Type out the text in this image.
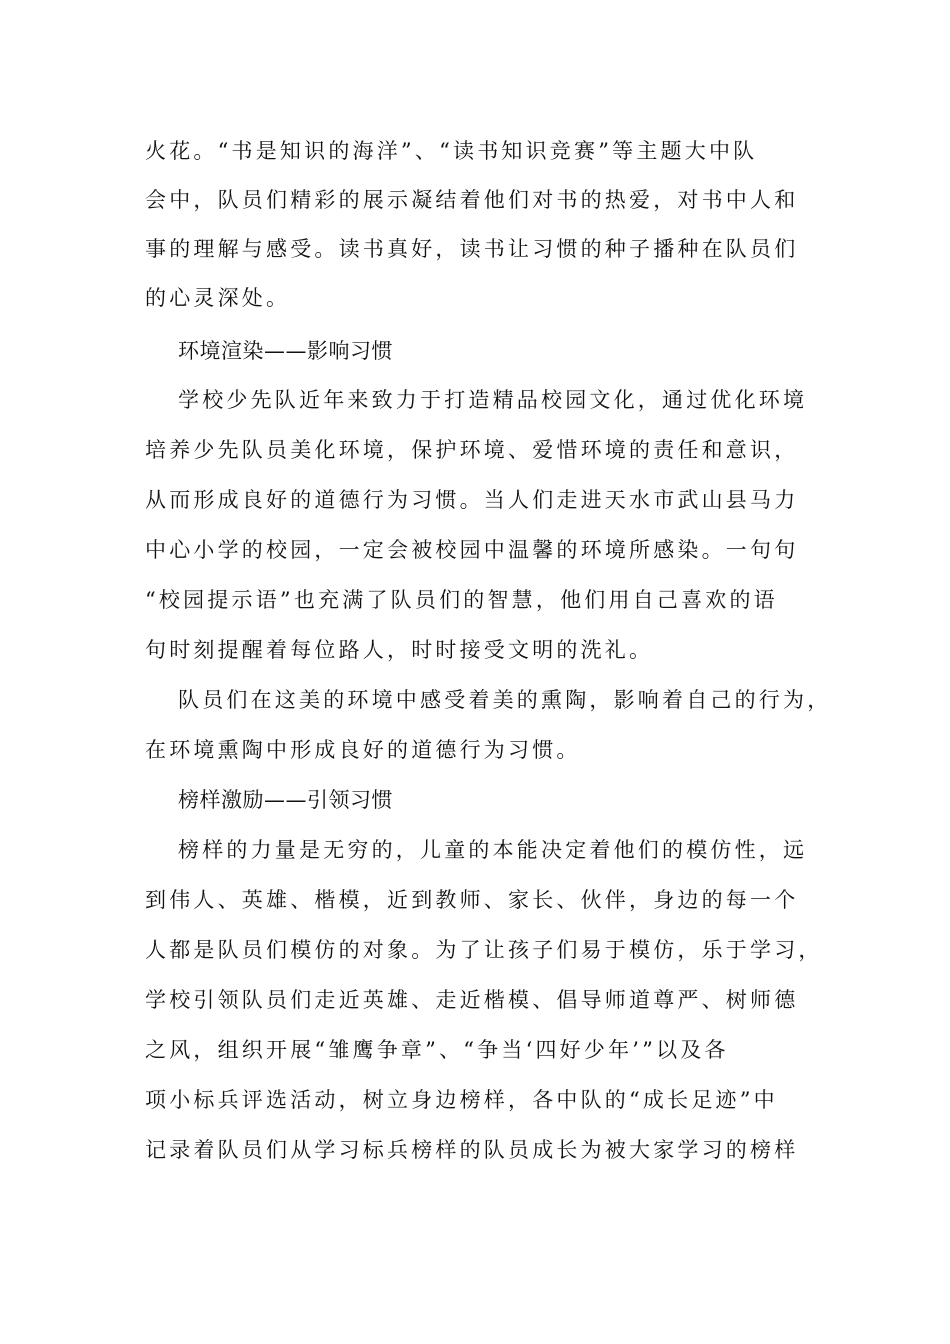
火花。“书是知识的海洋”、“读书知识竞赛”等主题大中队
会中，队员们精彩的展示凝结着他们对书的热爱，对书中人和
事的理解与感受。读书真好，读书让习惯的种子播种在队员们
的心灵深处。
环境渲染——影响习惯
学校少先队近年来致力于打造精品校园文化，通过优化环境
培养少先队员美化环境，保护环境、爱惜环境的责任和意识，
从而形成良好的道德行为习惯。当人们走进天水市武山县马力
中心小学的校园，一定会被校园中温馨的环境所感染。一句句
“校园提示语”也充满了队员们的智慧，他们用自己喜欢的语
句时刻提醒着每位路人，时时接受文明的洗礼。
队员们在这美的环境中感受着美的熏陶，影响着自己的行为，
在环境熏陶中形成良好的道德行为习惯。
榜样激励——引领习惯
榜样的力量是无穷的，儿童的本能决定着他们的模仿性，远
到伟人、英雄、楷模，近到教师、家长、伙伴，身边的每一个
人都是队员们模仿的对象。为了让孩子们易于模仿，乐于学习，
学校引领队员们走近英雄、走近楷模、倡导师道尊严、树师德
之风，组织开展“雏鹰争章”、“争当‘四好少年’”以及各
项小标兵评选活动，树立身边榜样，各中队的“成长足迹”中
记录着队员们从学习标兵榜样的队员成长为被大家学习的榜样
